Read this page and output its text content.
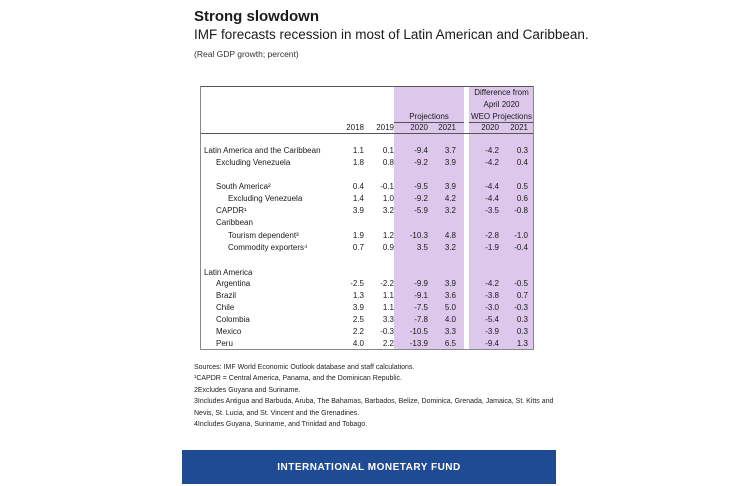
Strong slowdown
IMF forecasts recession in most of Latin American and Caribbean.
(Real GDP growth; percent)
Projections
Difference from
April 2020
WEO Projections
2018	2019	2020	2021	2020	2021
Latin America and the Caribbean	1.1	0.1	-9.4	3.7	-4.2	0.3
Excluding Venezuela	1.8	0.8	-9.2	3.9	-4.2	0.4
South America²	0.4	-0.1	-9.5	3.9	-4.4	0.5
Excluding Venezuela	1.4	1.0	-9.2	4.2	-4.4	0.6
CAPDR¹	3.9	3.2	-5.9	3.2	-3.5	-0.8
Caribbean
Tourism dependent³	1.9	1.2	-10.3	4.8	-2.8	-1.0
Commodity exporters⁴	0.7	0.9	3.5	3.2	-1.9	-0.4
Latin America
Argentina	-2.5	-2.2	-9.9	3.9	-4.2	-0.5
Brazil	1.3	1.1	-9.1	3.6	-3.8	0.7
Chile	3.9	1.1	-7.5	5.0	-3.0	-0.3
Colombia	2.5	3.3	-7.8	4.0	-5.4	0.3
Mexico	2.2	-0.3	-10.5	3.3	-3.9	0.3
Peru	4.0	2.2	-13.9	6.5	-9.4	1.3
Sources: IMF World Economic Outlook database and staff calculations.
¹CAPDR = Central America, Panama, and the Dominican Republic.
2Excludes Guyana and Suriname.
3Includes Antigua and Barbuda, Aruba, The Bahamas, Barbados, Belize, Dominica, Grenada, Jamaica, St. Kitts and
Nevis, St. Lucia, and St. Vincent and the Grenadines.
4Includes Guyana, Suriname, and Trinidad and Tobago.
INTERNATIONAL MONETARY FUND
